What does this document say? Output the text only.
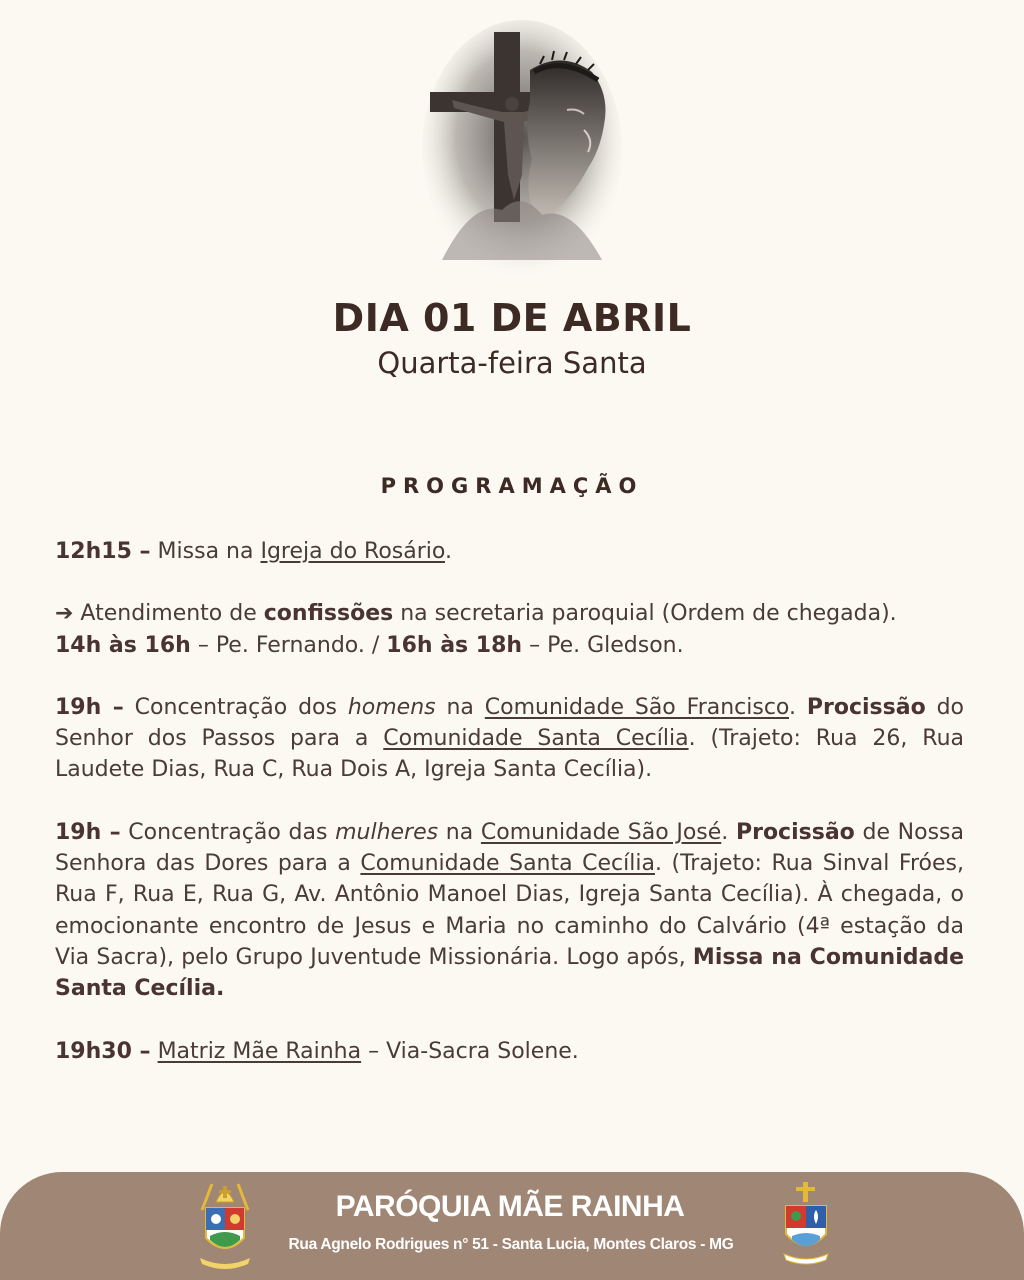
DIA 01 DE ABRIL
Quarta-feira Santa
PROGRAMAÇÃO

12h15 – Missa na Igreja do Rosário.

➔ Atendimento de confissões na secretaria paroquial (Ordem de chegada).
14h às 16h – Pe. Fernando. / 16h às 18h – Pe. Gledson.

19h – Concentração dos homens na Comunidade São Francisco. Procissão do Senhor dos Passos para a Comunidade Santa Cecília. (Trajeto: Rua 26, Rua Laudete Dias, Rua C, Rua Dois A, Igreja Santa Cecília).

19h – Concentração das mulheres na Comunidade São José. Procissão de Nossa Senhora das Dores para a Comunidade Santa Cecília. (Trajeto: Rua Sinval Fróes, Rua F, Rua E, Rua G, Av. Antônio Manoel Dias, Igreja Santa Cecília). À chegada, o emocionante encontro de Jesus e Maria no caminho do Calvário (4ª estação da Via Sacra), pelo Grupo Juventude Missionária. Logo após, Missa na Comunidade Santa Cecília.

19h30 – Matriz Mãe Rainha – Via-Sacra Solene.

PARÓQUIA MÃE RAINHA
Rua Agnelo Rodrigues n° 51 - Santa Lucia, Montes Claros - MG
